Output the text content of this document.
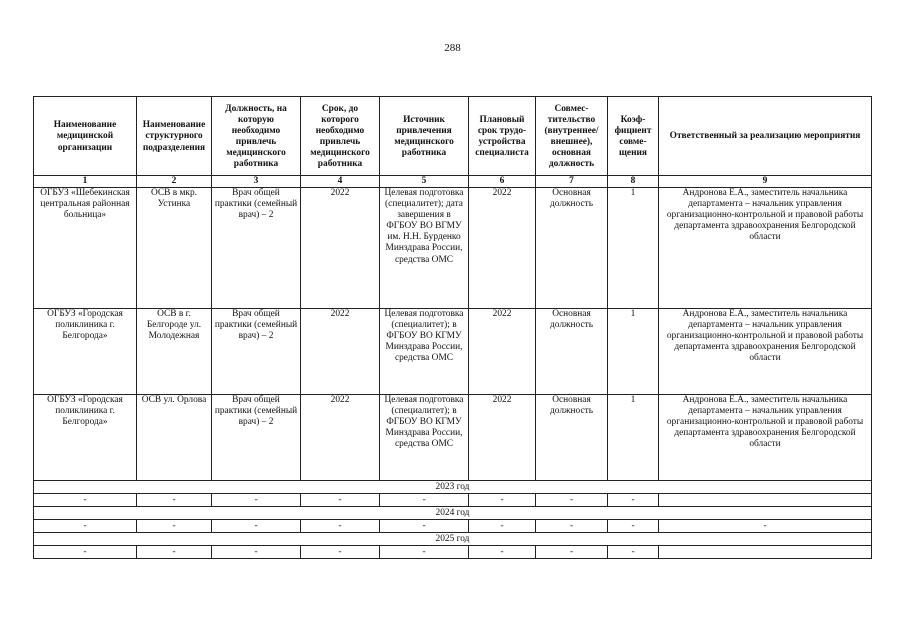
288
Наименование медицинской организации	Наименование структурного подразделения	Должность, на которую необходимо привлечь медицинского работника	Срок, до которого необходимо привлечь медицинского работника	Источник привлечения медицинского работника	Плановый срок трудо-устройства специалиста	Совмес-тительство (внутреннее/ внешнее), основная должность	Коэф-фициент совме-щения	Ответственный за реализацию мероприятия
1	2	3	4	5	6	7	8	9
ОГБУЗ «Шебекинская центральная районная больница»	ОСВ в мкр. Устинка	Врач общей практики (семейный врач) – 2	2022	Целевая подготовка (специалитет); дата завершения в ФГБОУ ВО ВГМУ им. Н.Н. Бурденко Минздрава России, средства ОМС	2022	Основная должность	1	Андронова Е.А., заместитель начальника департамента – начальник управления организационно-контрольной и правовой работы департамента здравоохранения Белгородской области
ОГБУЗ «Городская поликлиника г. Белгорода»	ОСВ в г. Белгороде ул. Молодежная	Врач общей практики (семейный врач) – 2	2022	Целевая подготовка (специалитет); в ФГБОУ ВО КГМУ Минздрава России, средства ОМС	2022	Основная должность	1	Андронова Е.А., заместитель начальника департамента – начальник управления организационно-контрольной и правовой работы департамента здравоохранения Белгородской области
ОГБУЗ «Городская поликлиника г. Белгорода»	ОСВ ул. Орлова	Врач общей практики (семейный врач) – 2	2022	Целевая подготовка (специалитет); в ФГБОУ ВО КГМУ Минздрава России, средства ОМС	2022	Основная должность	1	Андронова Е.А., заместитель начальника департамента – начальник управления организационно-контрольной и правовой работы департамента здравоохранения Белгородской области
2023 год								
-	-	-	-	-	-	-	-	
2024 год								
-	-	-	-	-	-	-	-	-
2025 год								
-	-	-	-	-	-	-	-	
